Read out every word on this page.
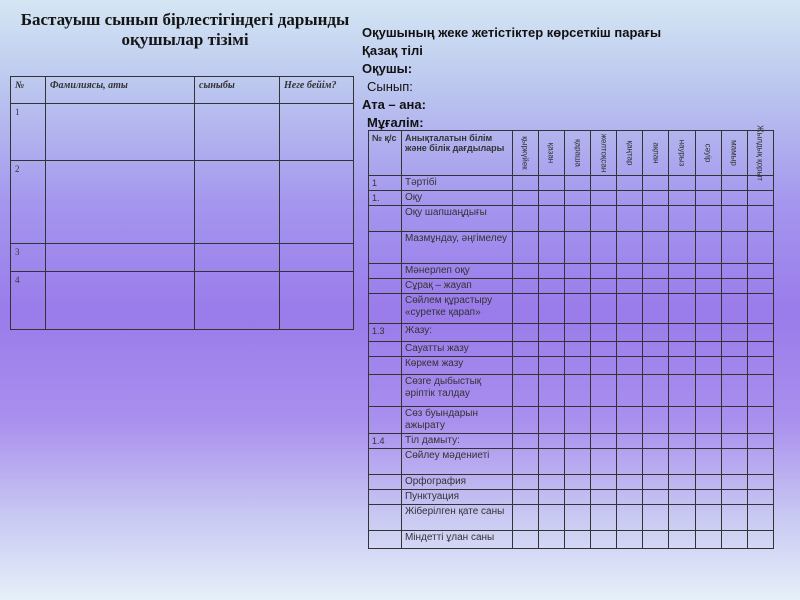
Бастауыш сынып бірлестігіндегі дарынды оқушылар тізімі
№	Фамилиясы, аты	сыныбы	Неге бейім?
1			
2			
3			
4			
Оқушының жеке жетістіктер көрсеткіш парағы
Қазақ тілі
Оқушы:
Сынып:
Ата – ана:
Мұғалім:
№ қ/с	Анықталатын білім және білік дағдылары	қыркүйек	қазан	қараша	желтоқсан	қаңтар	ақпан	наурыз	сәуір	мамыр	Жылдық қорыт

1	Тәртібі										
1.	Оқу										
	Оқу шапшаңдығы										
	Мазмұндау, әңгімелеу										
	Мәнерлеп оқу										
	Сұрақ – жауап										
	Сөйлем құрастыру «суретке қарап»										
1.3	Жазу:										
	Сауатты жазу										
	Көркем жазу										
	Сөзге дыбыстық әріптік талдау										
	Сөз буындарын ажырату										
1.4	Тіл дамыту:										
	Сөйлеу мәдениеті										
	Орфография										
	Пунктуация										
	Жіберілген қате саны										
	Міндетті ұлан саны										
